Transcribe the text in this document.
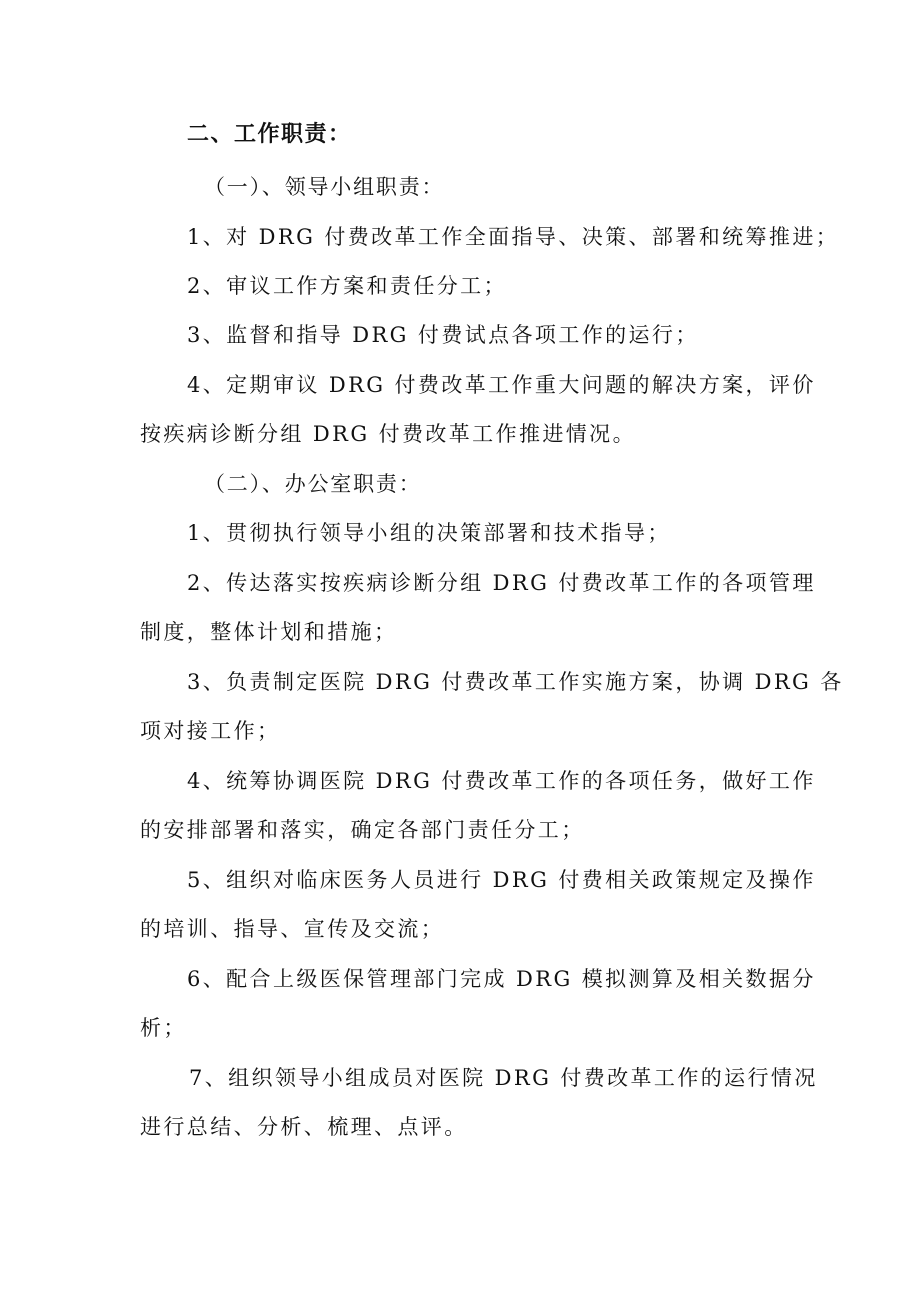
二、工作职责：
（一）、领导小组职责：
1、对 DRG 付费改革工作全面指导、决策、部署和统筹推进；
2、审议工作方案和责任分工；
3、监督和指导 DRG 付费试点各项工作的运行；
4、定期审议 DRG 付费改革工作重大问题的解决方案，评价
按疾病诊断分组 DRG 付费改革工作推进情况。
（二）、办公室职责：
1、贯彻执行领导小组的决策部署和技术指导；
2、传达落实按疾病诊断分组 DRG 付费改革工作的各项管理
制度，整体计划和措施；
3、负责制定医院 DRG 付费改革工作实施方案，协调 DRG 各
项对接工作；
4、统筹协调医院 DRG 付费改革工作的各项任务，做好工作
的安排部署和落实，确定各部门责任分工；
5、组织对临床医务人员进行 DRG 付费相关政策规定及操作
的培训、指导、宣传及交流；
6、配合上级医保管理部门完成 DRG 模拟测算及相关数据分
析；
7、组织领导小组成员对医院 DRG 付费改革工作的运行情况
进行总结、分析、梳理、点评。
